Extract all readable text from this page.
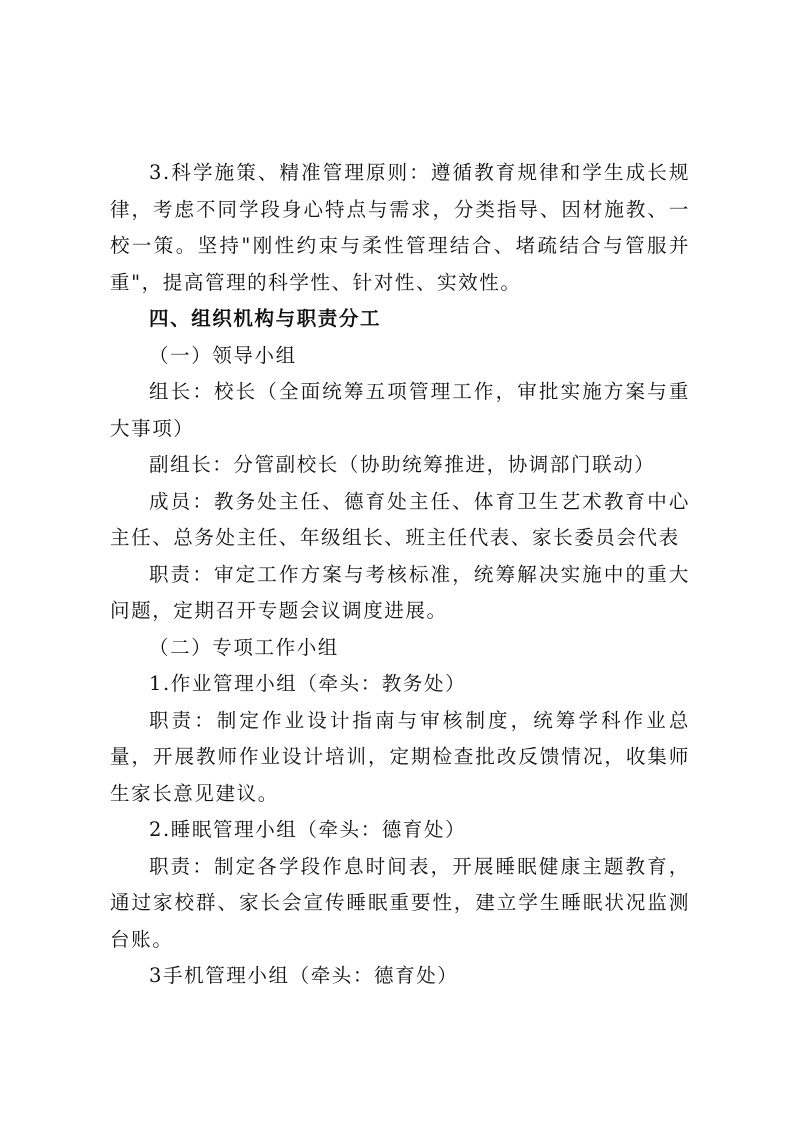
3.科学施策、精准管理原则：遵循教育规律和学生成长规律，考虑不同学段身心特点与需求，分类指导、因材施教、一校一策。坚持"刚性约束与柔性管理结合、堵疏结合与管服并重"，提高管理的科学性、针对性、实效性。

四、组织机构与职责分工

（一）领导小组

组长：校长（全面统筹五项管理工作，审批实施方案与重大事项）

副组长：分管副校长（协助统筹推进，协调部门联动）

成员：教务处主任、德育处主任、体育卫生艺术教育中心主任、总务处主任、年级组长、班主任代表、家长委员会代表

职责：审定工作方案与考核标准，统筹解决实施中的重大问题，定期召开专题会议调度进展。

（二）专项工作小组

1.作业管理小组（牵头：教务处）

职责：制定作业设计指南与审核制度，统筹学科作业总量，开展教师作业设计培训，定期检查批改反馈情况，收集师生家长意见建议。

2.睡眠管理小组（牵头：德育处）

职责：制定各学段作息时间表，开展睡眠健康主题教育，通过家校群、家长会宣传睡眠重要性，建立学生睡眠状况监测台账。

3手机管理小组（牵头：德育处）
